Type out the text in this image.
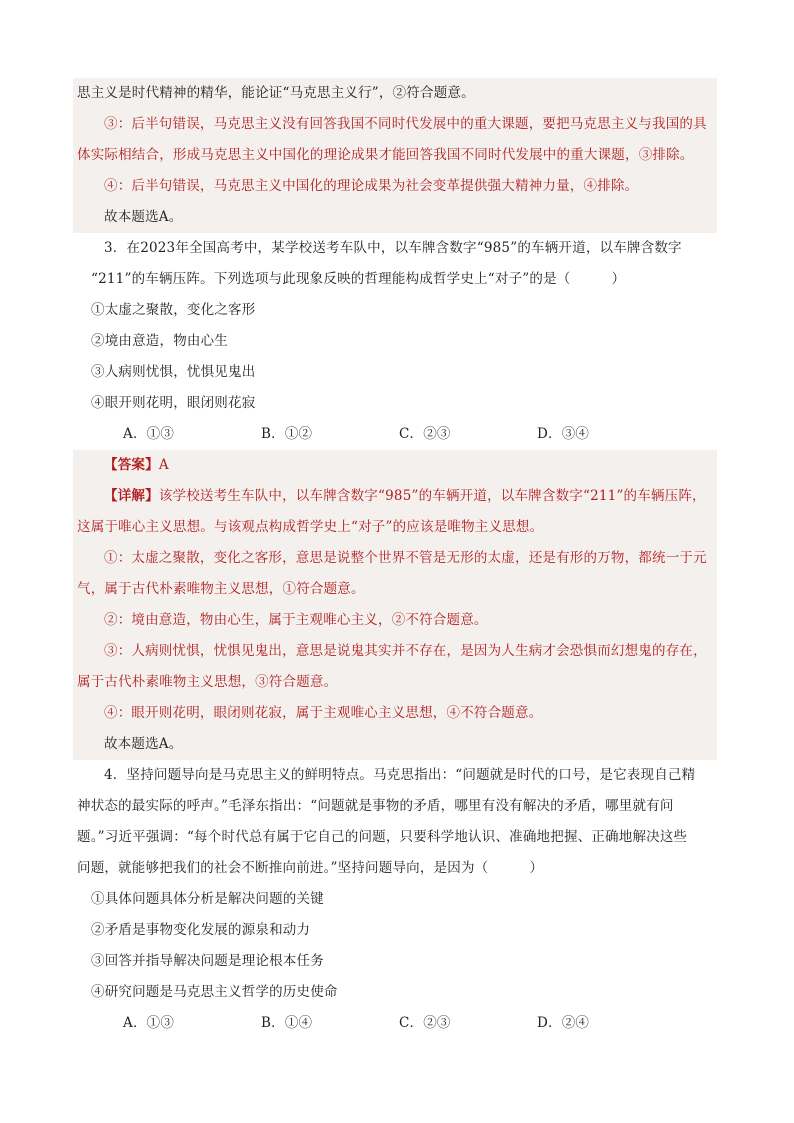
思主义是时代精神的精华，能论证“马克思主义行”，②符合题意。
③：后半句错误，马克思主义没有回答我国不同时代发展中的重大课题，要把马克思主义与我国的具
体实际相结合，形成马克思主义中国化的理论成果才能回答我国不同时代发展中的重大课题，③排除。
④：后半句错误，马克思主义中国化的理论成果为社会变革提供强大精神力量，④排除。
故本题选A。
3．在2023年全国高考中，某学校送考车队中，以车牌含数字“985”的车辆开道，以车牌含数字
“211”的车辆压阵。下列选项与此现象反映的哲理能构成哲学史上“对子”的是（　　　）
①太虚之聚散，变化之客形
②境由意造，物由心生
③人病则忧惧，忧惧见鬼出
④眼开则花明，眼闭则花寂
A．①③	B．①②	C．②③	D．③④
【答案】A
【详解】该学校送考生车队中，以车牌含数字“985”的车辆开道，以车牌含数字“211”的车辆压阵，
这属于唯心主义思想。与该观点构成哲学史上“对子”的应该是唯物主义思想。
①：太虚之聚散，变化之客形，意思是说整个世界不管是无形的太虚，还是有形的万物，都统一于元
气，属于古代朴素唯物主义思想，①符合题意。
②：境由意造，物由心生，属于主观唯心主义，②不符合题意。
③：人病则忧惧，忧惧见鬼出，意思是说鬼其实并不存在，是因为人生病才会恐惧而幻想鬼的存在，
属于古代朴素唯物主义思想，③符合题意。
④：眼开则花明，眼闭则花寂，属于主观唯心主义思想，④不符合题意。
故本题选A。
4．坚持问题导向是马克思主义的鲜明特点。马克思指出：“问题就是时代的口号，是它表现自己精
神状态的最实际的呼声。”毛泽东指出：“问题就是事物的矛盾，哪里有没有解决的矛盾，哪里就有问
题。”习近平强调：“每个时代总有属于它自己的问题，只要科学地认识、准确地把握、正确地解决这些
问题，就能够把我们的社会不断推向前进。”坚持问题导向，是因为（　　　）
①具体问题具体分析是解决问题的关键
②矛盾是事物变化发展的源泉和动力
③回答并指导解决问题是理论根本任务
④研究问题是马克思主义哲学的历史使命
A．①③	B．①④	C．②③	D．②④
